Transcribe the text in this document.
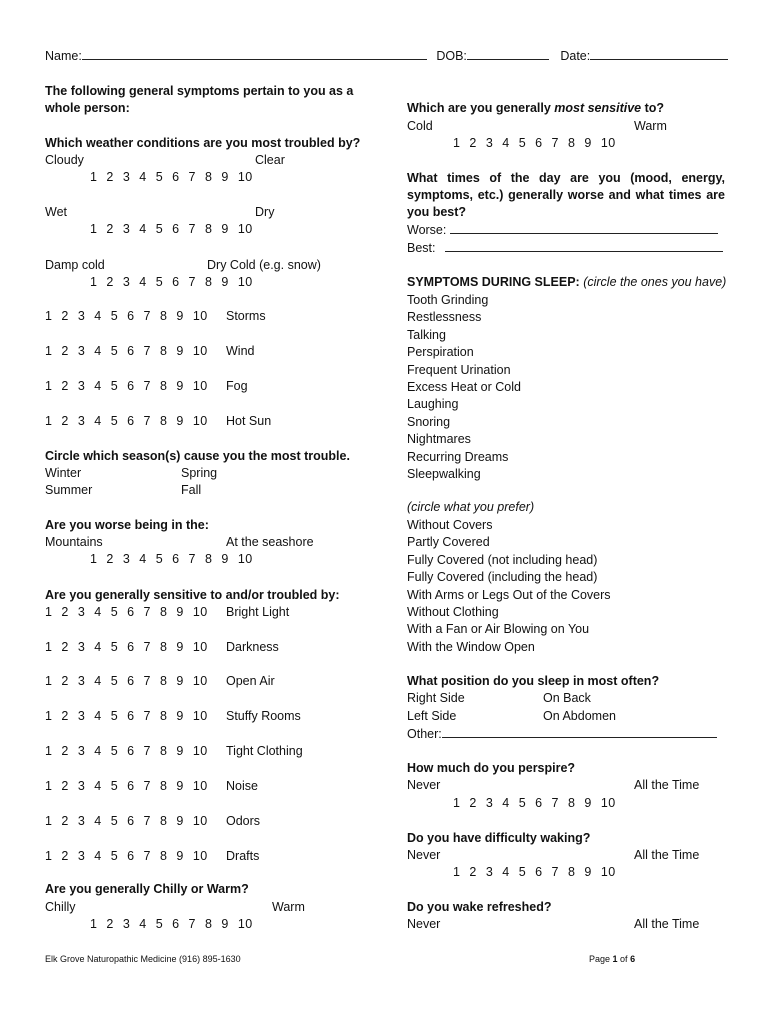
Name:	DOB:	Date:
The following general symptoms pertain to you as a
whole person:
Which weather conditions are you most troubled by?
Cloudy	Clear
1 2 3 4 5 6 7 8 9 10
Wet	Dry
1 2 3 4 5 6 7 8 9 10
Damp cold	Dry Cold (e.g. snow)
1 2 3 4 5 6 7 8 9 10
1 2 3 4 5 6 7 8 9 10 Storms
1 2 3 4 5 6 7 8 9 10 Wind
1 2 3 4 5 6 7 8 9 10 Fog
1 2 3 4 5 6 7 8 9 10 Hot Sun
Circle which season(s) cause you the most trouble.
Winter	Spring
Summer	Fall
Are you worse being in the:
Mountains	At the seashore
1 2 3 4 5 6 7 8 9 10
Are you generally sensitive to and/or troubled by:
1 2 3 4 5 6 7 8 9 10 Bright Light
1 2 3 4 5 6 7 8 9 10 Darkness
1 2 3 4 5 6 7 8 9 10 Open Air
1 2 3 4 5 6 7 8 9 10 Stuffy Rooms
1 2 3 4 5 6 7 8 9 10 Tight Clothing
1 2 3 4 5 6 7 8 9 10 Noise
1 2 3 4 5 6 7 8 9 10 Odors
1 2 3 4 5 6 7 8 9 10 Drafts
Are you generally Chilly or Warm?
Chilly	Warm
1 2 3 4 5 6 7 8 9 10
Which are you generally most sensitive to?
Cold	Warm
1 2 3 4 5 6 7 8 9 10
What times of the day are you (mood, energy,
symptoms, etc.) generally worse and what times are
you best?
Worse:
Best:
SYMPTOMS DURING SLEEP: (circle the ones you have)
Tooth Grinding
Restlessness
Talking
Perspiration
Frequent Urination
Excess Heat or Cold
Laughing
Snoring
Nightmares
Recurring Dreams
Sleepwalking
(circle what you prefer)
Without Covers
Partly Covered
Fully Covered (not including head)
Fully Covered (including the head)
With Arms or Legs Out of the Covers
Without Clothing
With a Fan or Air Blowing on You
With the Window Open
What position do you sleep in most often?
Right Side	On Back
Left Side	On Abdomen
Other:
How much do you perspire?
Never	All the Time
1 2 3 4 5 6 7 8 9 10
Do you have difficulty waking?
Never	All the Time
1 2 3 4 5 6 7 8 9 10
Do you wake refreshed?
Never	All the Time
Elk Grove Naturopathic Medicine (916) 895-1630	Page 1 of 6
